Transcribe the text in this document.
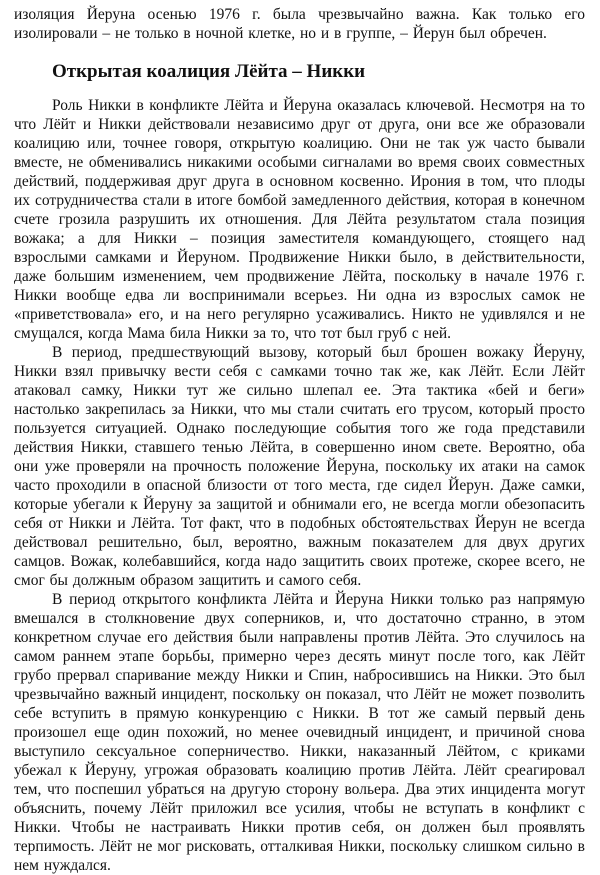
изоляция Йеруна осенью 1976 г. была чрезвычайно важна. Как только его изолировали – не только в ночной клетке, но и в группе, – Йерун был обречен.

Открытая коалиция Лёйта – Никки

Роль Никки в конфликте Лёйта и Йеруна оказалась ключевой. Несмотря на то что Лёйт и Никки действовали независимо друг от друга, они все же образовали коалицию или, точнее говоря, открытую коалицию. Они не так уж часто бывали вместе, не обменивались никакими особыми сигналами во время своих совместных действий, поддерживая друг друга в основном косвенно. Ирония в том, что плоды их сотрудничества стали в итоге бомбой замедленного действия, которая в конечном счете грозила разрушить их отношения. Для Лёйта результатом стала позиция вожака; а для Никки – позиция заместителя командующего, стоящего над взрослыми самками и Йеруном. Продвижение Никки было, в действительности, даже большим изменением, чем продвижение Лёйта, поскольку в начале 1976 г. Никки вообще едва ли воспринимали всерьез. Ни одна из взрослых самок не «приветствовала» его, и на него регулярно усаживались. Никто не удивлялся и не смущался, когда Мама била Никки за то, что тот был груб с ней.

В период, предшествующий вызову, который был брошен вожаку Йеруну, Никки взял привычку вести себя с самками точно так же, как Лёйт. Если Лёйт атаковал самку, Никки тут же сильно шлепал ее. Эта тактика «бей и беги» настолько закрепилась за Никки, что мы стали считать его трусом, который просто пользуется ситуацией. Однако последующие события того же года представили действия Никки, ставшего тенью Лёйта, в совершенно ином свете. Вероятно, оба они уже проверяли на прочность положение Йеруна, поскольку их атаки на самок часто проходили в опасной близости от того места, где сидел Йерун. Даже самки, которые убегали к Йеруну за защитой и обнимали его, не всегда могли обезопасить себя от Никки и Лёйта. Тот факт, что в подобных обстоятельствах Йерун не всегда действовал решительно, был, вероятно, важным показателем для двух других самцов. Вожак, колебавшийся, когда надо защитить своих протеже, скорее всего, не смог бы должным образом защитить и самого себя.

В период открытого конфликта Лёйта и Йеруна Никки только раз напрямую вмешался в столкновение двух соперников, и, что достаточно странно, в этом конкретном случае его действия были направлены против Лёйта. Это случилось на самом раннем этапе борьбы, примерно через десять минут после того, как Лёйт грубо прервал спаривание между Никки и Спин, набросившись на Никки. Это был чрезвычайно важный инцидент, поскольку он показал, что Лёйт не может позволить себе вступить в прямую конкуренцию с Никки. В тот же самый первый день произошел еще один похожий, но менее очевидный инцидент, и причиной снова выступило сексуальное соперничество. Никки, наказанный Лёйтом, с криками убежал к Йеруну, угрожая образовать коалицию против Лёйта. Лёйт среагировал тем, что поспешил убраться на другую сторону вольера. Два этих инцидента могут объяснить, почему Лёйт приложил все усилия, чтобы не вступать в конфликт с Никки. Чтобы не настраивать Никки против себя, он должен был проявлять терпимость. Лёйт не мог рисковать, отталкивая Никки, поскольку слишком сильно в нем нуждался.
